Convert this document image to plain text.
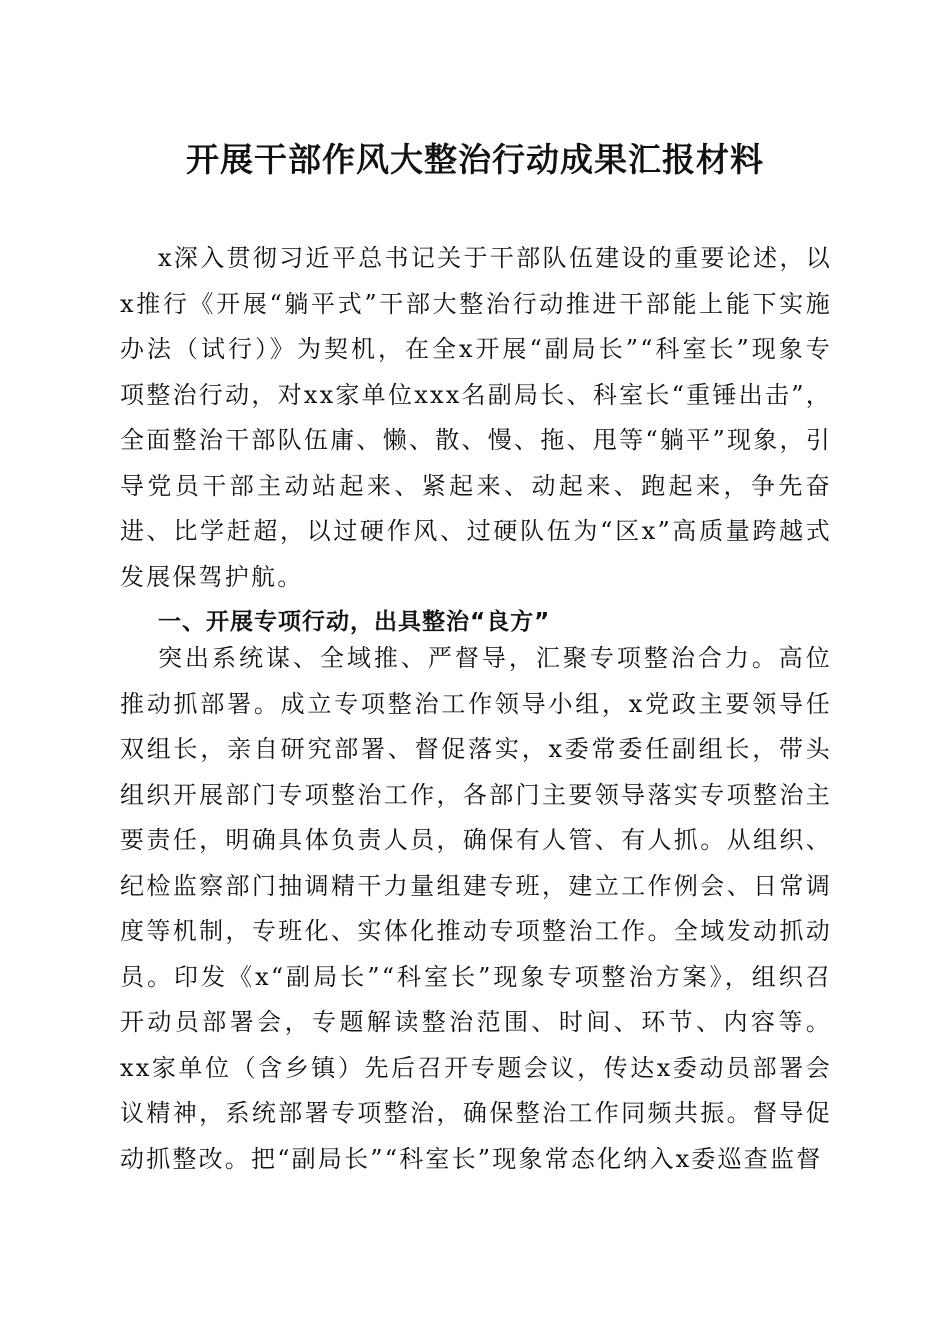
开展干部作风大整治行动成果汇报材料

x深入贯彻习近平总书记关于干部队伍建设的重要论述，以x推行《开展“躺平式”干部大整治行动推进干部能上能下实施办法（试行）》为契机，在全x开展“副局长”“科室长”现象专项整治行动，对xx家单位xxx名副局长、科室长“重锤出击”，全面整治干部队伍庸、懒、散、慢、拖、甩等“躺平”现象，引导党员干部主动站起来、紧起来、动起来、跑起来，争先奋进、比学赶超，以过硬作风、过硬队伍为“区x”高质量跨越式发展保驾护航。

一、开展专项行动，出具整治“良方”

突出系统谋、全域推、严督导，汇聚专项整治合力。高位推动抓部署。成立专项整治工作领导小组，x党政主要领导任双组长，亲自研究部署、督促落实，x委常委任副组长，带头组织开展部门专项整治工作，各部门主要领导落实专项整治主要责任，明确具体负责人员，确保有人管、有人抓。从组织、纪检监察部门抽调精干力量组建专班，建立工作例会、日常调度等机制，专班化、实体化推动专项整治工作。全域发动抓动员。印发《x“副局长”“科室长”现象专项整治方案》，组织召开动员部署会，专题解读整治范围、时间、环节、内容等。xx家单位（含乡镇）先后召开专题会议，传达x委动员部署会议精神，系统部署专项整治，确保整治工作同频共振。督导促动抓整改。把“副局长”“科室长”现象常态化纳入x委巡查监督
